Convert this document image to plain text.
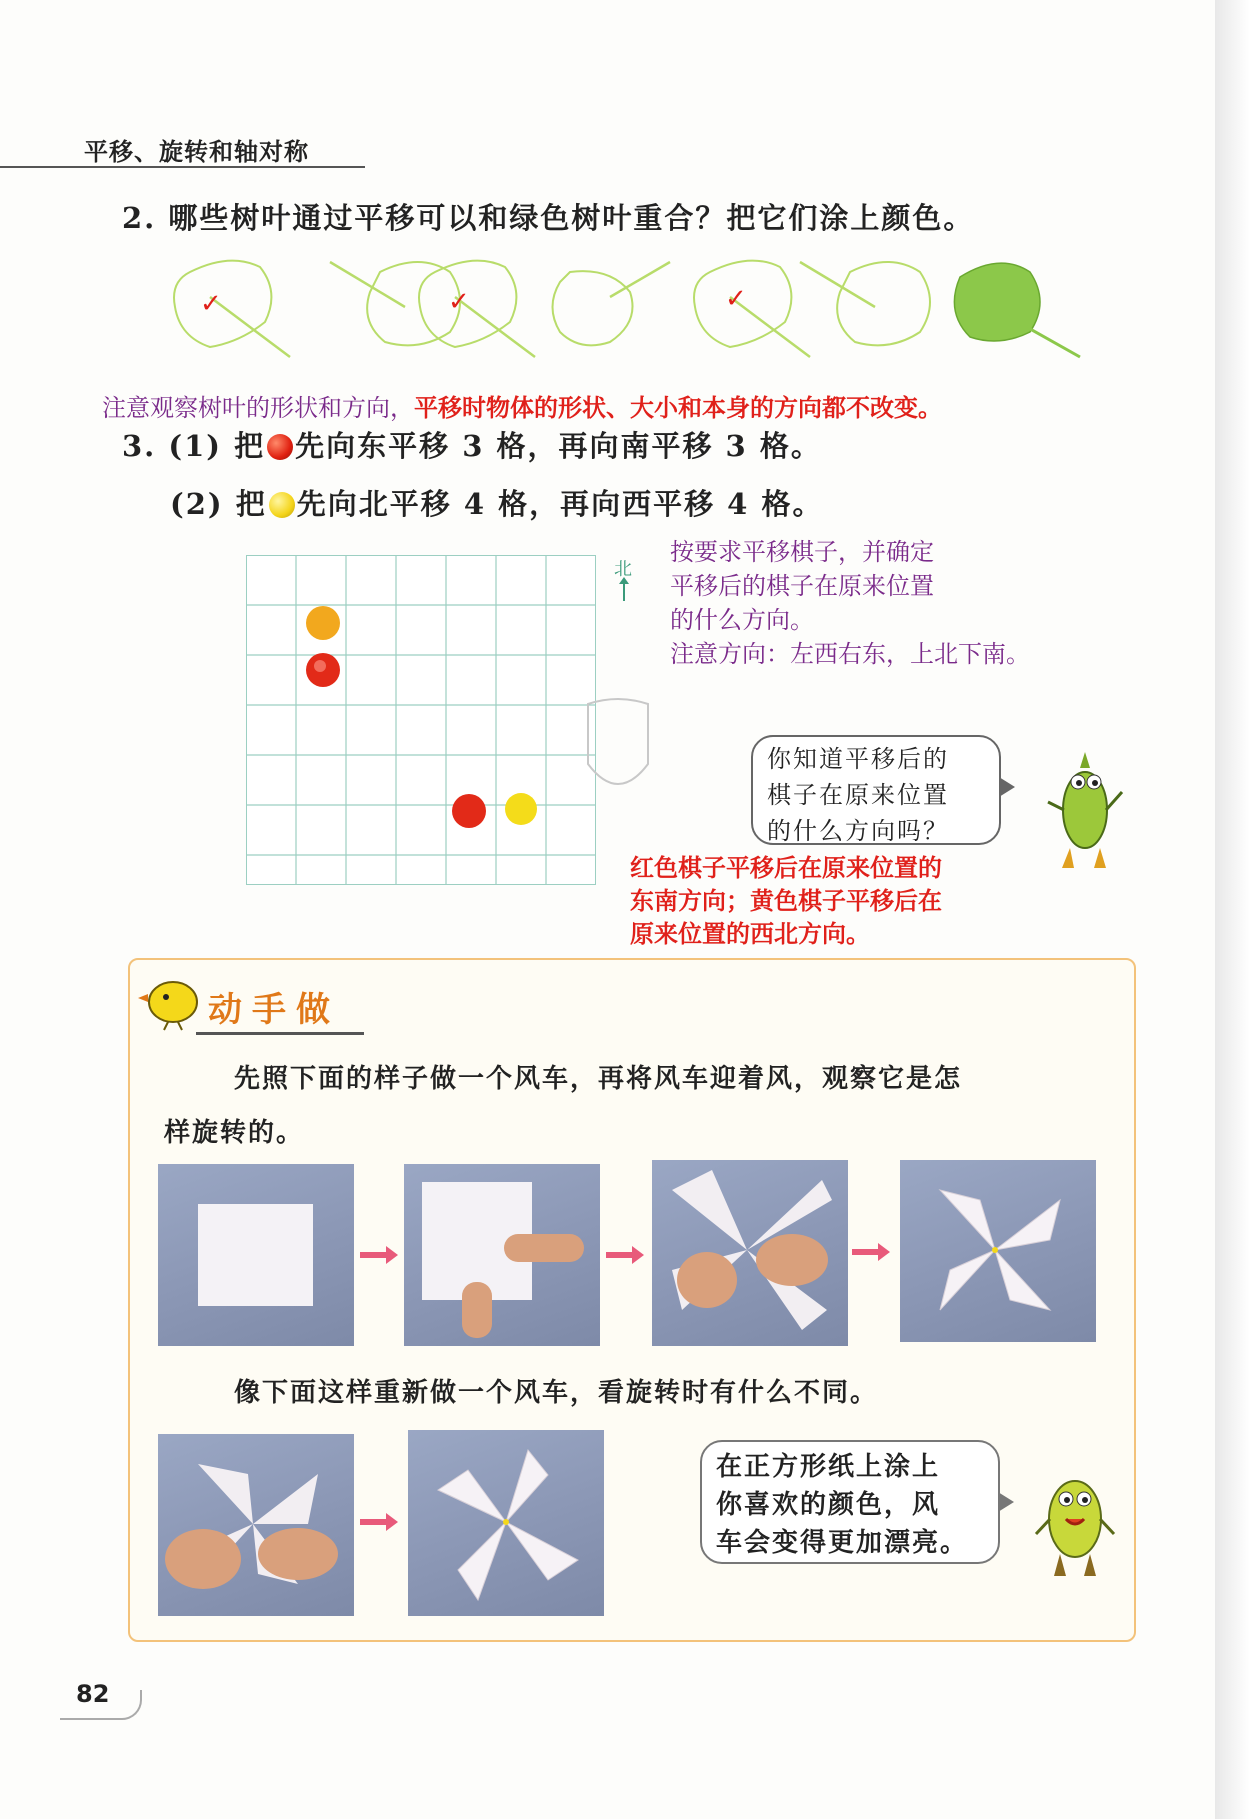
平移、旋转和轴对称
2. 哪些树叶通过平移可以和绿色树叶重合？把它们涂上颜色。
✓	✓	✓
注意观察树叶的形状和方向，平移时物体的形状、大小和本身的方向都不改变。
3. (1) 把 先向东平移 3 格，再向南平移 3 格。
(2) 把 先向北平移 4 格，再向西平移 4 格。
北
按要求平移棋子，并确定
平移后的棋子在原来位置
的什么方向。
注意方向：左西右东，上北下南。
你知道平移后的
棋子在原来位置
的什么方向吗？
红色棋子平移后在原来位置的
东南方向；黄色棋子平移后在
原来位置的西北方向。
动手做
先照下面的样子做一个风车，再将风车迎着风，观察它是怎
样旋转的。
像下面这样重新做一个风车，看旋转时有什么不同。
在正方形纸上涂上
你喜欢的颜色，风
车会变得更加漂亮。
82
